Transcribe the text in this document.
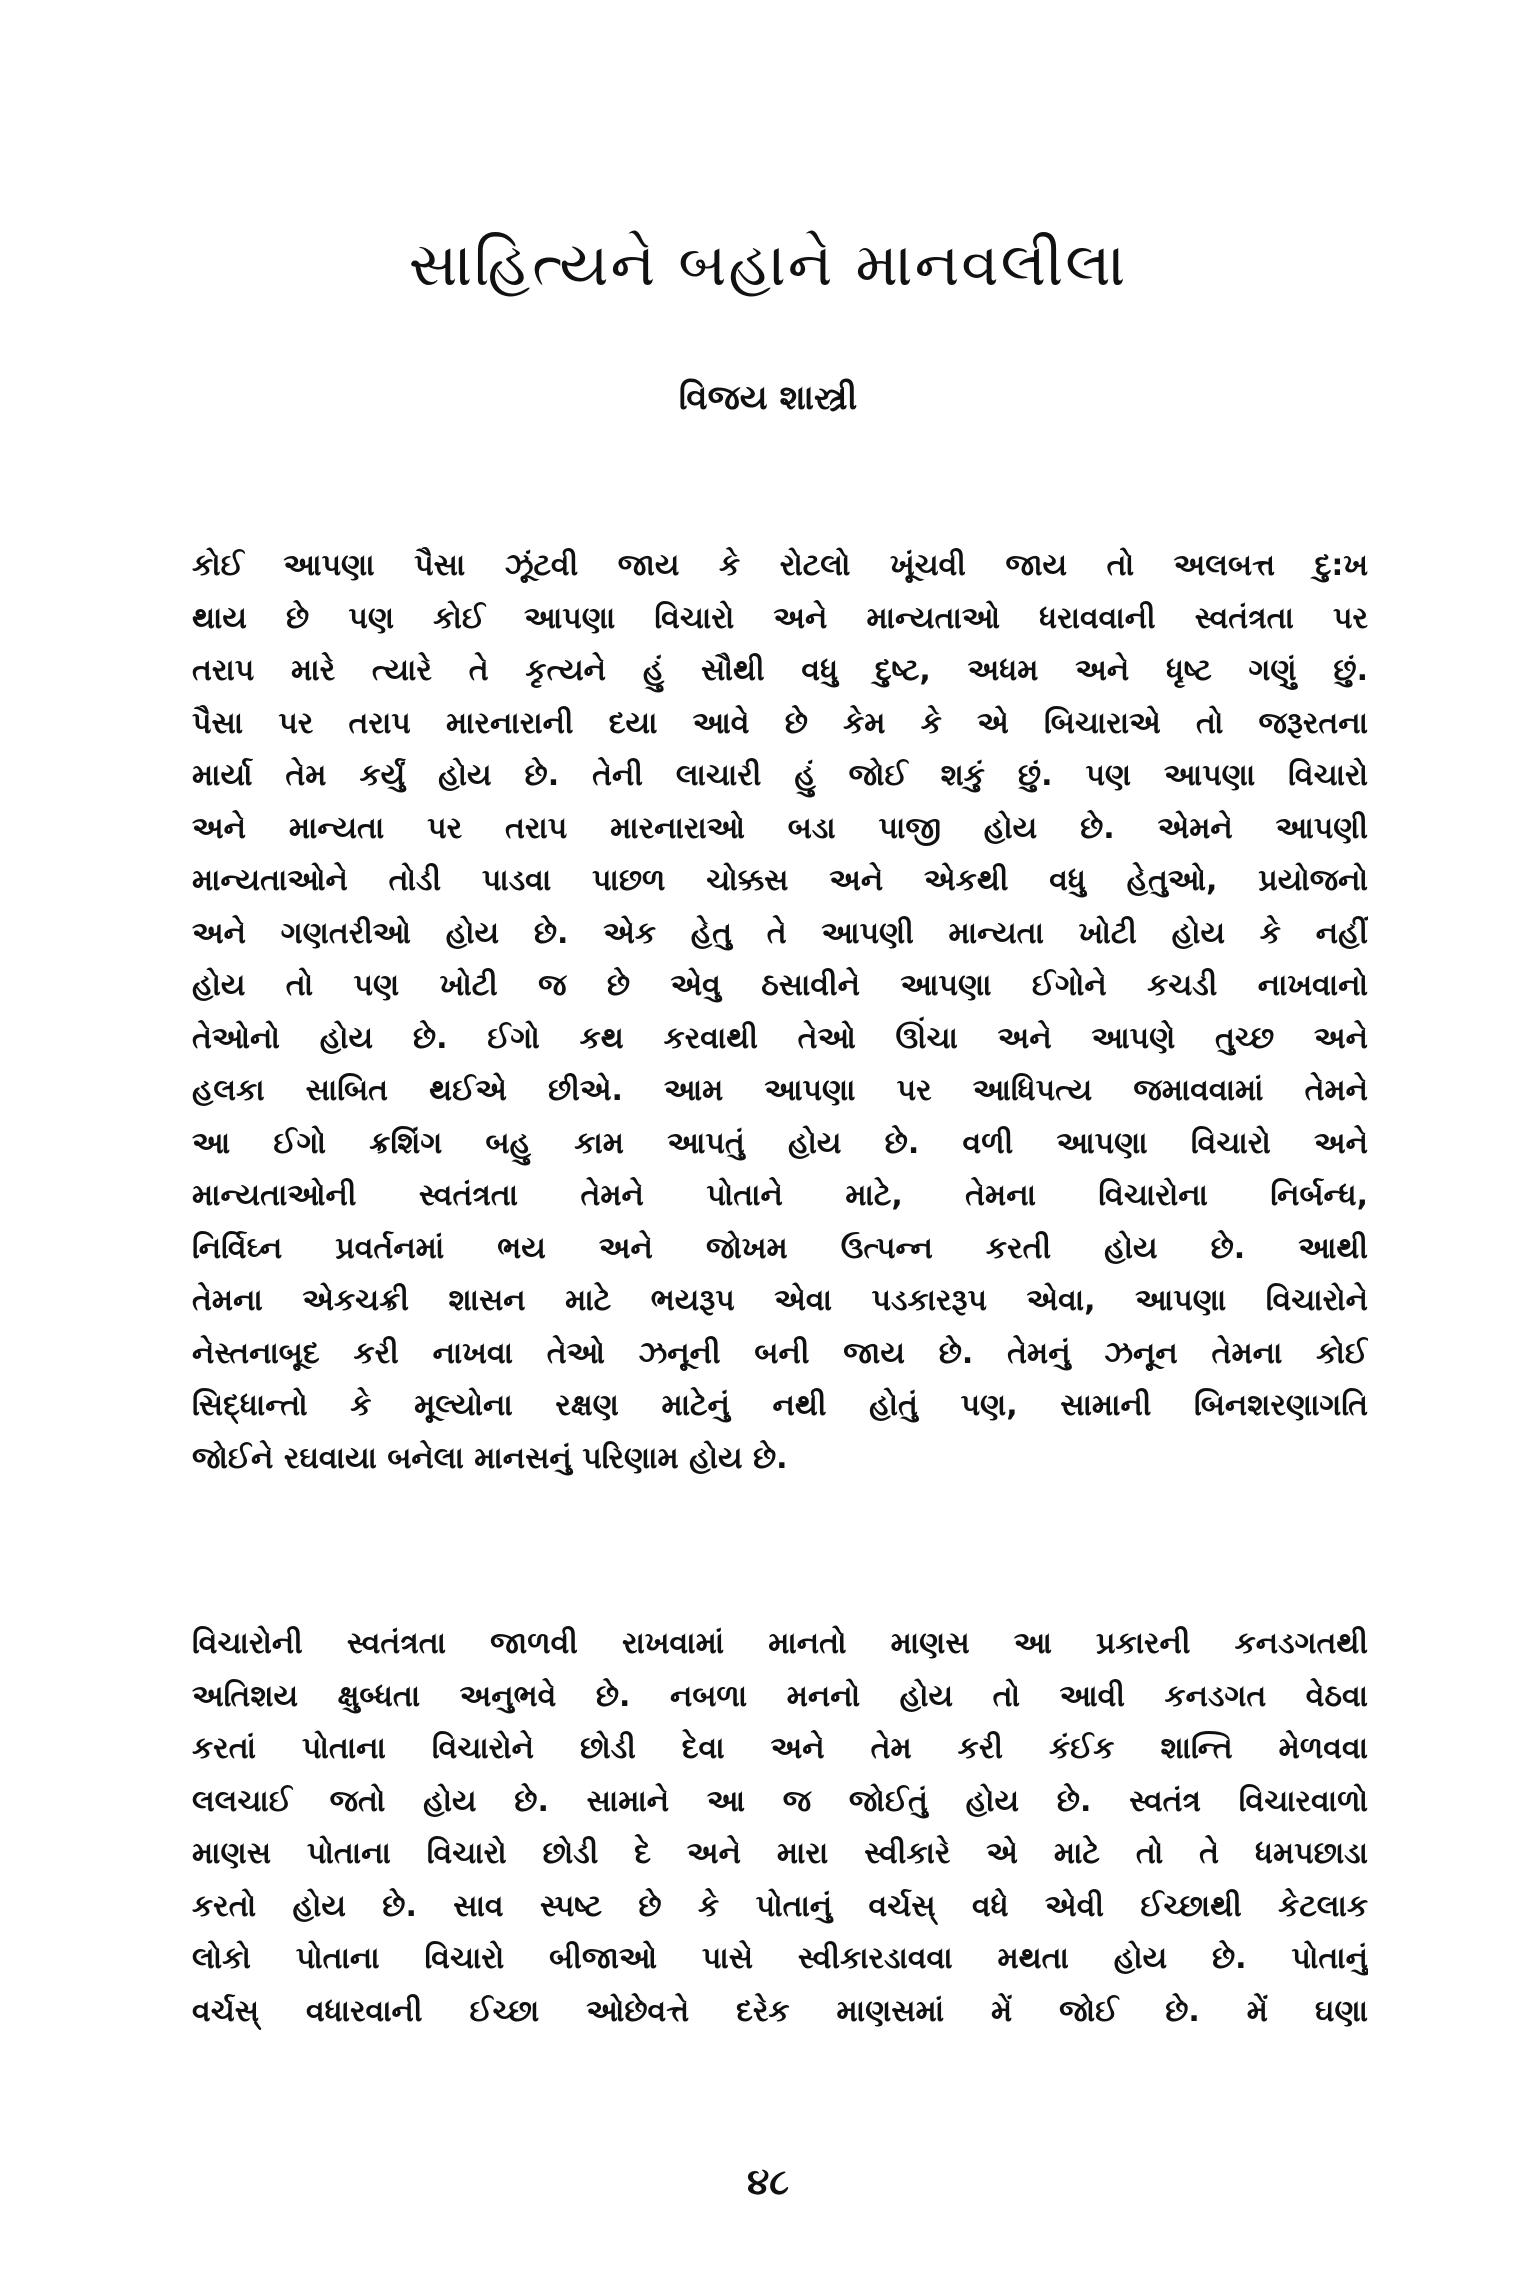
સાહિત્યને બહાને માનવલીલા
વિજય શાસ્ત્રી
કોઈ આપણા પૈસા ઝૂંટવી જાય કે રોટલો ખૂંચવી જાય તો અલબત્ત દુ:ખ
થાય છે પણ કોઈ આપણા વિચારો અને માન્યતાઓ ધરાવવાની સ્વતંત્રતા પર
તરાપ મારે ત્યારે તે કૃત્યને હું સૌથી વધુ દુષ્ટ, અધમ અને ધૃષ્ટ ગણું છું.
પૈસા પર તરાપ મારનારાની દયા આવે છે કેમ કે એ બિચારાએ તો જરૂરતના
માર્યા તેમ કર્યું હોય છે. તેની લાચારી હું જોઈ શકું છું. પણ આપણા વિચારો
અને માન્યતા પર તરાપ મારનારાઓ બડા પાજી હોય છે. એમને આપણી
માન્યતાઓને તોડી પાડવા પાછળ ચોક્કસ અને એકથી વધુ હેતુઓ, પ્રયોજનો
અને ગણતરીઓ હોય છે. એક હેતુ તે આપણી માન્યતા ખોટી હોય કે નહીં
હોય તો પણ ખોટી જ છે એવુ ઠસાવીને આપણા ઈગોને કચડી નાખવાનો
તેઓનો હોય છે. ઈગો કથ કરવાથી તેઓ ઊંચા અને આપણે તુચ્છ અને
હલકા સાબિત થઈએ છીએ. આમ આપણા પર આધિપત્ય જમાવવામાં તેમને
આ ઈગો ક્રશિંગ બહુ કામ આપતું હોય છે. વળી આપણા વિચારો અને
માન્યતાઓની સ્વતંત્રતા તેમને પોતાને માટે, તેમના વિચારોના નિર્બન્ધ,
નિર્વિઘ્ન પ્રવર્તનમાં ભય અને જોખમ ઉત્પન્ન કરતી હોય છે. આથી
તેમના એકચક્રી શાસન માટે ભયરૂપ એવા પડકારરૂપ એવા, આપણા વિચારોને
નેસ્તનાબૂદ કરી નાખવા તેઓ ઝનૂની બની જાય છે. તેમનું ઝનૂન તેમના કોઈ
સિદ્ધાન્તો કે મૂલ્યોના રક્ષણ માટેનું નથી હોતું પણ, સામાની બિનશરણાગતિ
જોઈને રઘવાયા બનેલા માનસનું પરિણામ હોય છે.
વિચારોની સ્વતંત્રતા જાળવી રાખવામાં માનતો માણસ આ પ્રકારની કનડગતથી
અતિશય ક્ષુબ્ધતા અનુભવે છે. નબળા મનનો હોય તો આવી કનડગત વેઠવા
કરતાં પોતાના વિચારોને છોડી દેવા અને તેમ કરી કંઈક શાન્તિ મેળવવા
લલચાઈ જતો હોય છે. સામાને આ જ જોઈતું હોય છે. સ્વતંત્ર વિચારવાળો
માણસ પોતાના વિચારો છોડી દે અને મારા સ્વીકારે એ માટે તો તે ધમપછાડા
કરતો હોય છે. સાવ સ્પષ્ટ છે કે પોતાનું વર્ચસ્ વધે એવી ઈચ્છાથી કેટલાક
લોકો પોતાના વિચારો બીજાઓ પાસે સ્વીકારડાવવા મથતા હોય છે. પોતાનું
વર્ચસ્ વધારવાની ઈચ્છા ઓછેવત્તે દરેક માણસમાં મેં જોઈ છે. મેં ઘણા
૪૮
